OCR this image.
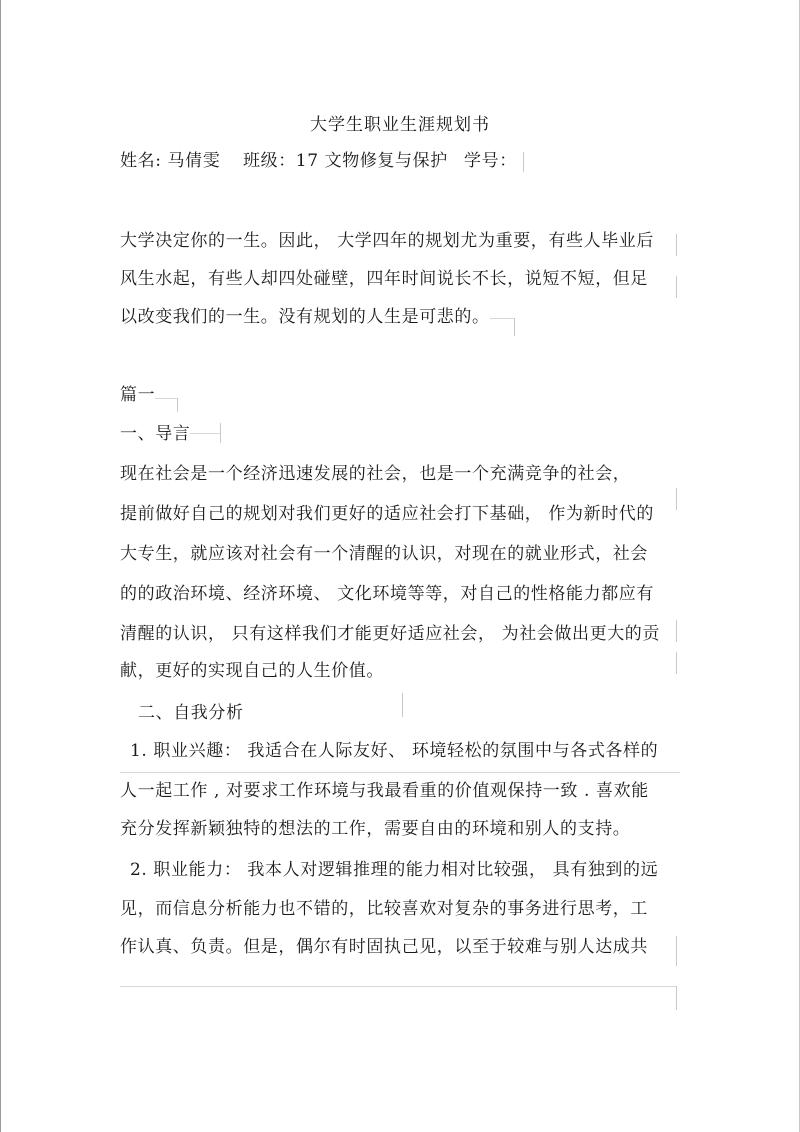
大学生职业生涯规划书
姓名: 马倩雯 班级：17 文物修复与保护 学号：
大学决定你的一生。因此， 大学四年的规划尤为重要，有些人毕业后
风生水起，有些人却四处碰壁，四年时间说长不长，说短不短，但足
以改变我们的一生。没有规划的人生是可悲的。
篇一
一、导言
现在社会是一个经济迅速发展的社会，也是一个充满竞争的社会，
提前做好自己的规划对我们更好的适应社会打下基础， 作为新时代的
大专生，就应该对社会有一个清醒的认识，对现在的就业形式，社会
的的政治环境、经济环境、 文化环境等等，对自己的性格能力都应有
清醒的认识， 只有这样我们才能更好适应社会， 为社会做出更大的贡
献，更好的实现自己的人生价值。
二、自我分析
1. 职业兴趣： 我适合在人际友好、 环境轻松的氛围中与各式各样的
人一起工作 , 对要求工作环境与我最看重的价值观保持一致 . 喜欢能
充分发挥新颖独特的想法的工作，需要自由的环境和别人的支持。
2. 职业能力： 我本人对逻辑推理的能力相对比较强， 具有独到的远
见，而信息分析能力也不错的，比较喜欢对复杂的事务进行思考，工
作认真、负责。但是，偶尔有时固执己见，以至于较难与别人达成共
